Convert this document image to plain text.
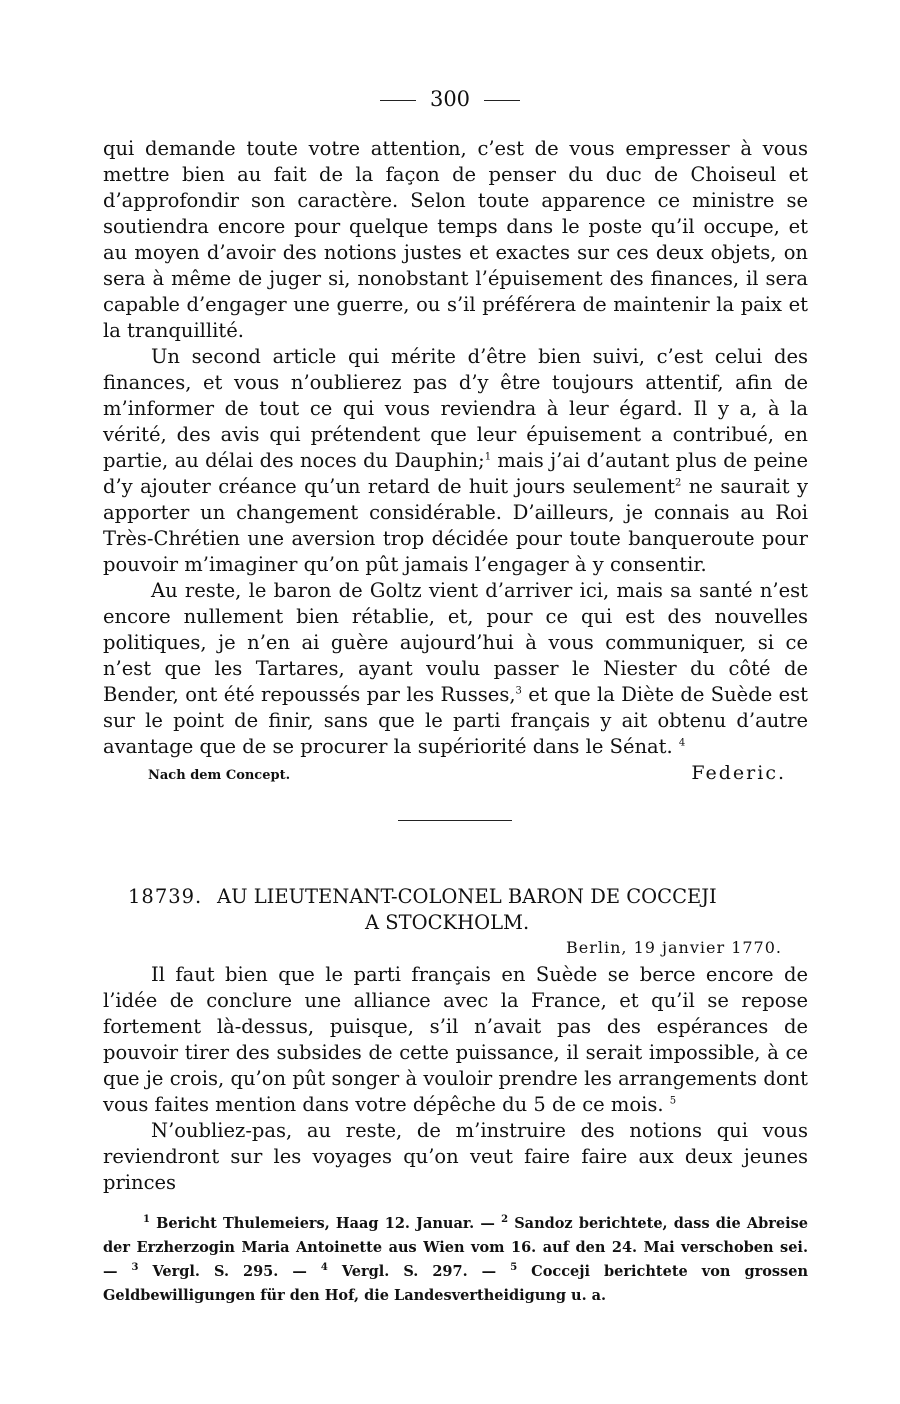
300

qui demande toute votre attention, c’est de vous empresser à vous mettre bien au fait de la façon de penser du duc de Choiseul et d’approfondir son caractère. Selon toute apparence ce ministre se soutiendra encore pour quelque temps dans le poste qu’il occupe, et au moyen d’avoir des notions justes et exactes sur ces deux objets, on sera à même de juger si, nonobstant l’épuisement des finances, il sera capable d’engager une guerre, ou s’il préférera de maintenir la paix et la tranquillité.

Un second article qui mérite d’être bien suivi, c’est celui des finances, et vous n’oublierez pas d’y être toujours attentif, afin de m’informer de tout ce qui vous reviendra à leur égard. Il y a, à la vérité, des avis qui prétendent que leur épuisement a contribué, en partie, au délai des noces du Dauphin;$^1$ mais j’ai d’autant plus de peine d’y ajouter créance qu’un retard de huit jours seulement$^2$ ne saurait y apporter un changement considérable. D’ailleurs, je connais au Roi Très-Chrétien une aversion trop décidée pour toute banqueroute pour pouvoir m’imaginer qu’on pût jamais l’engager à y consentir.

Au reste, le baron de Goltz vient d’arriver ici, mais sa santé n’est encore nullement bien rétablie, et, pour ce qui est des nouvelles politiques, je n’en ai guère aujourd’hui à vous communiquer, si ce n’est que les Tartares, ayant voulu passer le Niester du côté de Bender, ont été repoussés par les Russes,$^3$ et que la Diète de Suède est sur le point de finir, sans que le parti français y ait obtenu d’autre avantage que de se procurer la supériorité dans le Sénat. $^4$

Nach dem Concept.	Federic.
18739. AU LIEUTENANT-COLONEL BARON DE COCCEJI
A STOCKHOLM.
Berlin, 19 janvier 1770.

Il faut bien que le parti français en Suède se berce encore de l’idée de conclure une alliance avec la France, et qu’il se repose fortement là-dessus, puisque, s’il n’avait pas des espérances de pouvoir tirer des subsides de cette puissance, il serait impossible, à ce que je crois, qu’on pût songer à vouloir prendre les arrangements dont vous faites mention dans votre dépêche du 5 de ce mois. $^5$

N’oubliez-pas, au reste, de m’instruire des notions qui vous reviendront sur les voyages qu’on veut faire faire aux deux jeunes princes

$^1$ Bericht Thulemeiers, Haag 12. Januar. — $^2$ Sandoz berichtete, dass die Abreise der Erzherzogin Maria Antoinette aus Wien vom 16. auf den 24. Mai verschoben sei. — $^3$ Vergl. S. 295. — $^4$ Vergl. S. 297. — $^5$ Cocceji berichtete von grossen Geldbewilligungen für den Hof, die Landesvertheidigung u. a.
